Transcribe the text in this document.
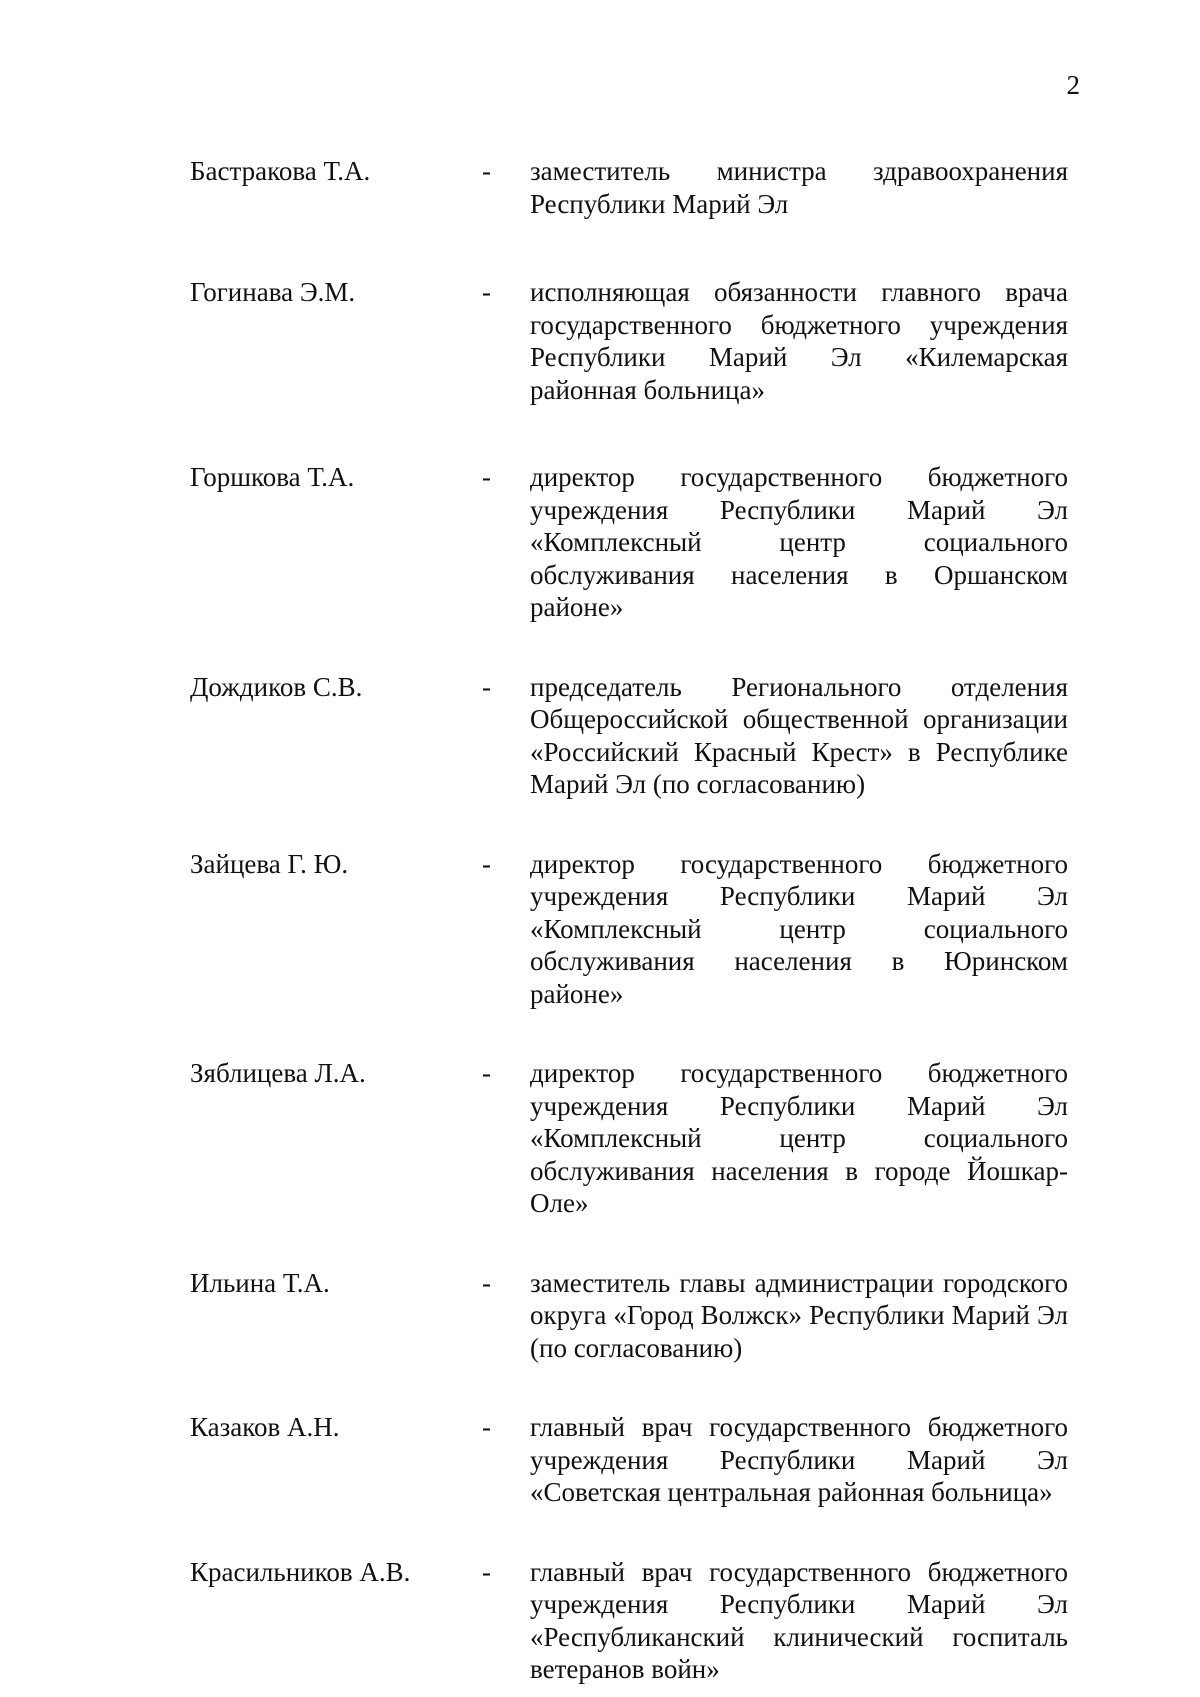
2
Бастракова Т.А.	- заместитель министра здравоохранения Республики Марий Эл
Гогинава Э.М.	- исполняющая обязанности главного врача государственного бюджетного учреждения Республики Марий Эл «Килемарская районная больница»
Горшкова Т.А.	- директор государственного бюджетного учреждения Республики Марий Эл «Комплексный центр социального обслуживания населения в Оршанском районе»
Дождиков С.В.	- председатель Регионального отделения Общероссийской общественной организации «Российский Красный Крест» в Республике Марий Эл (по согласованию)
Зайцева Г. Ю.	- директор государственного бюджетного учреждения Республики Марий Эл «Комплексный центр социального обслуживания населения в Юринском районе»
Зяблицева Л.А.	- директор государственного бюджетного учреждения Республики Марий Эл «Комплексный центр социального обслуживания населения в городе Йошкар-Оле»
Ильина Т.А.	- заместитель главы администрации городского округа «Город Волжск» Республики Марий Эл (по согласованию)
Казаков А.Н.	- главный врач государственного бюджетного учреждения Республики Марий Эл «Советская центральная районная больница»
Красильников А.В.	- главный врач государственного бюджетного учреждения Республики Марий Эл «Республиканский клинический госпиталь ветеранов войн»
